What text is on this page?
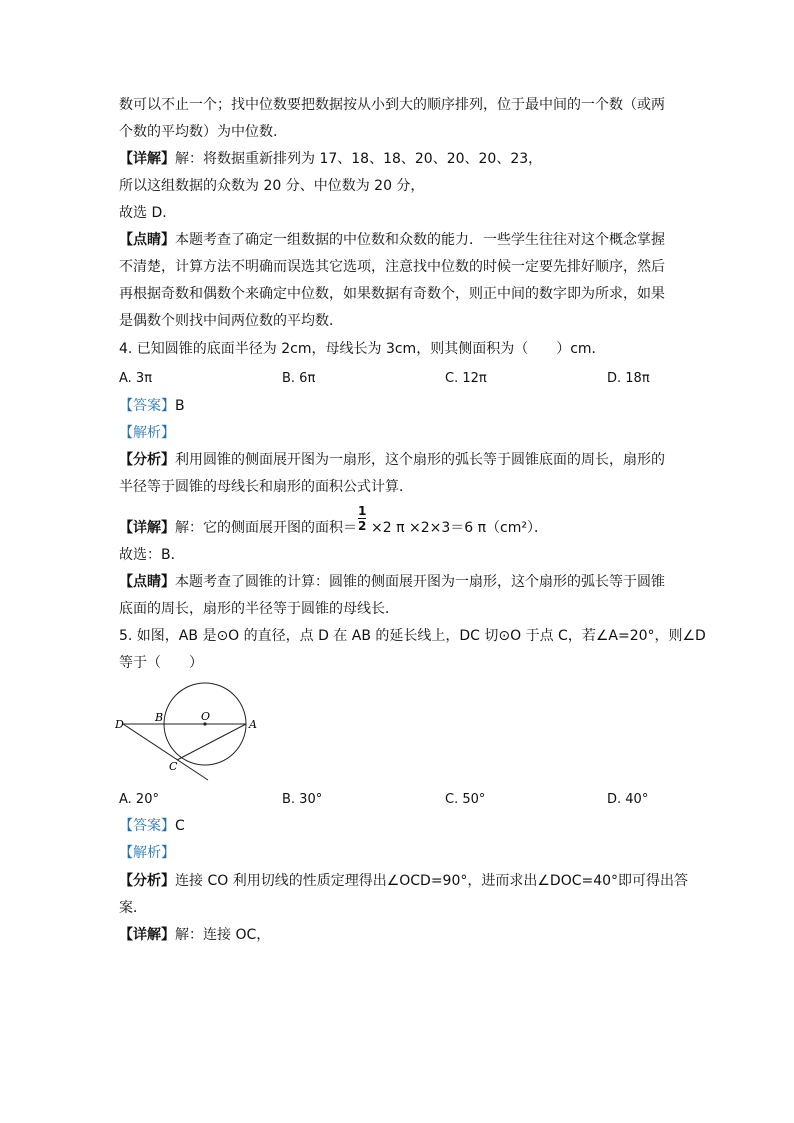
数可以不止一个；找中位数要把数据按从小到大的顺序排列，位于最中间的一个数（或两
个数的平均数）为中位数.
【详解】解：将数据重新排列为 17、18、18、20、20、20、23，
所以这组数据的众数为 20 分、中位数为 20 分，
故选 D.
【点睛】本题考查了确定一组数据的中位数和众数的能力．一些学生往往对这个概念掌握
不清楚，计算方法不明确而误选其它选项，注意找中位数的时候一定要先排好顺序，然后
再根据奇数和偶数个来确定中位数，如果数据有奇数个，则正中间的数字即为所求，如果
是偶数个则找中间两位数的平均数．
4. 已知圆锥的底面半径为 2cm，母线长为 3cm，则其侧面积为（　　）cm．
A. 3π	B. 6π	C. 12π	D. 18π
【答案】B
【解析】
【分析】利用圆锥的侧面展开图为一扇形，这个扇形的弧长等于圆锥底面的周长，扇形的
半径等于圆锥的母线长和扇形的面积公式计算．
1
2
【详解】解：它的侧面展开图的面积＝ ×2 π ×2×3＝6 π（cm²）．
故选：B．
【点睛】本题考查了圆锥的计算：圆锥的侧面展开图为一扇形，这个扇形的弧长等于圆锥
底面的周长，扇形的半径等于圆锥的母线长．
5. 如图，AB 是⊙O 的直径，点 D 在 AB 的延长线上，DC 切⊙O 于点 C，若∠A=20°，则∠D
等于（　　）
D
B	O
A
C
A. 20°	B. 30°	C. 50°	D. 40°
【答案】C
【解析】
【分析】连接 CO 利用切线的性质定理得出∠OCD=90°，进而求出∠DOC=40°即可得出答
案．
【详解】解：连接 OC，
